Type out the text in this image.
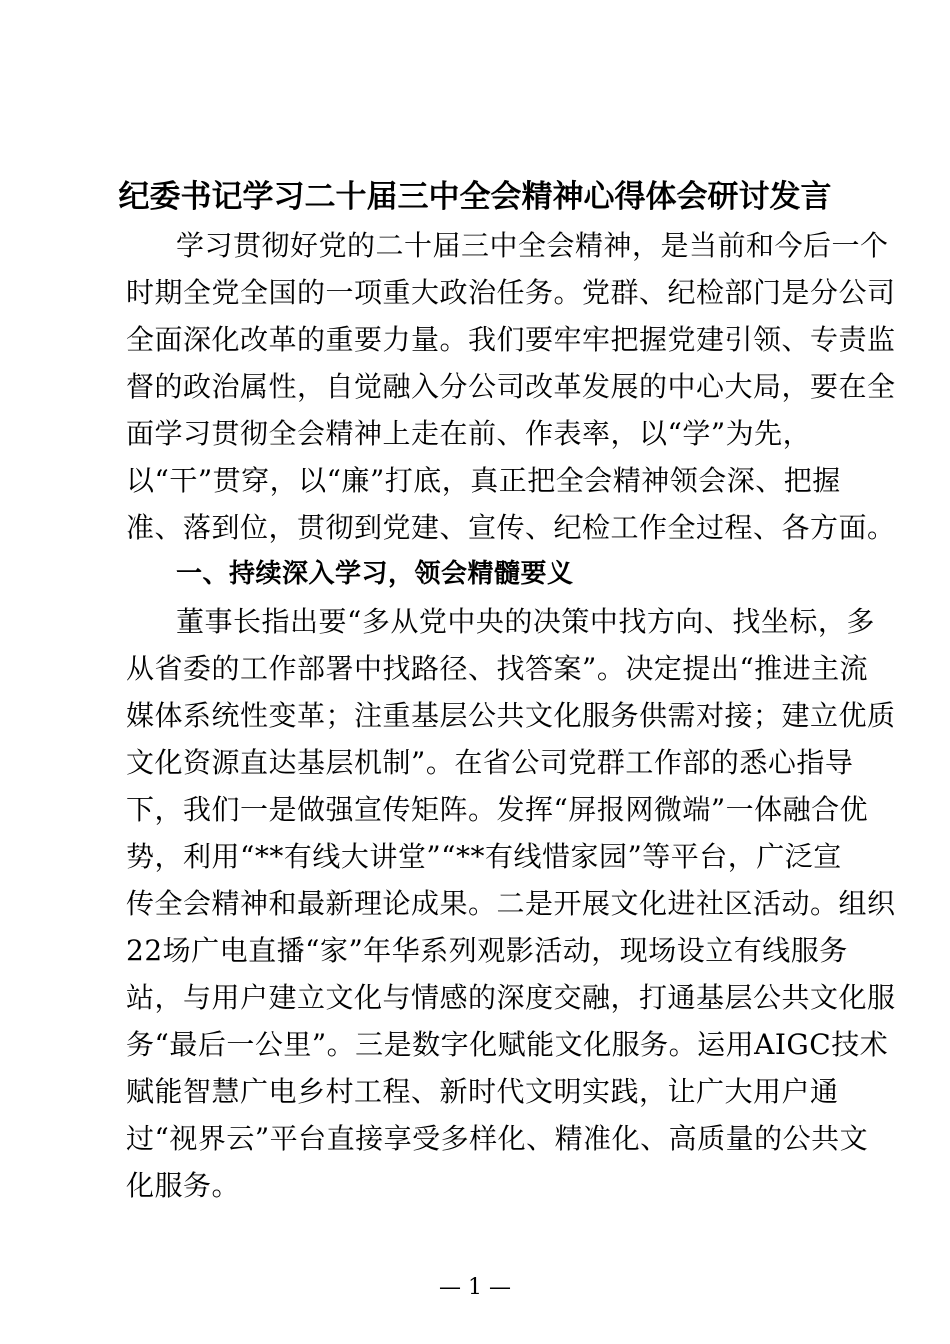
纪委书记学习二十届三中全会精神心得体会研讨发言
学习贯彻好党的二十届三中全会精神，是当前和今后一个
时期全党全国的一项重大政治任务。党群、纪检部门是分公司
全面深化改革的重要力量。我们要牢牢把握党建引领、专责监
督的政治属性，自觉融入分公司改革发展的中心大局，要在全
面学习贯彻全会精神上走在前、作表率，以“学”为先，
以“干”贯穿，以“廉”打底，真正把全会精神领会深、把握
准、落到位，贯彻到党建、宣传、纪检工作全过程、各方面。
一、持续深入学习，领会精髓要义
董事长指出要“多从党中央的决策中找方向、找坐标，多
从省委的工作部署中找路径、找答案”。决定提出“推进主流
媒体系统性变革；注重基层公共文化服务供需对接；建立优质
文化资源直达基层机制”。在省公司党群工作部的悉心指导
下，我们一是做强宣传矩阵。发挥“屏报网微端”一体融合优
势，利用“**有线大讲堂”“**有线惜家园”等平台，广泛宣
传全会精神和最新理论成果。二是开展文化进社区活动。组织
22场广电直播“家”年华系列观影活动，现场设立有线服务
站，与用户建立文化与情感的深度交融，打通基层公共文化服
务“最后一公里”。三是数字化赋能文化服务。运用AIGC技术
赋能智慧广电乡村工程、新时代文明实践，让广大用户通
过“视界云”平台直接享受多样化、精准化、高质量的公共文
化服务。
— 1 —
